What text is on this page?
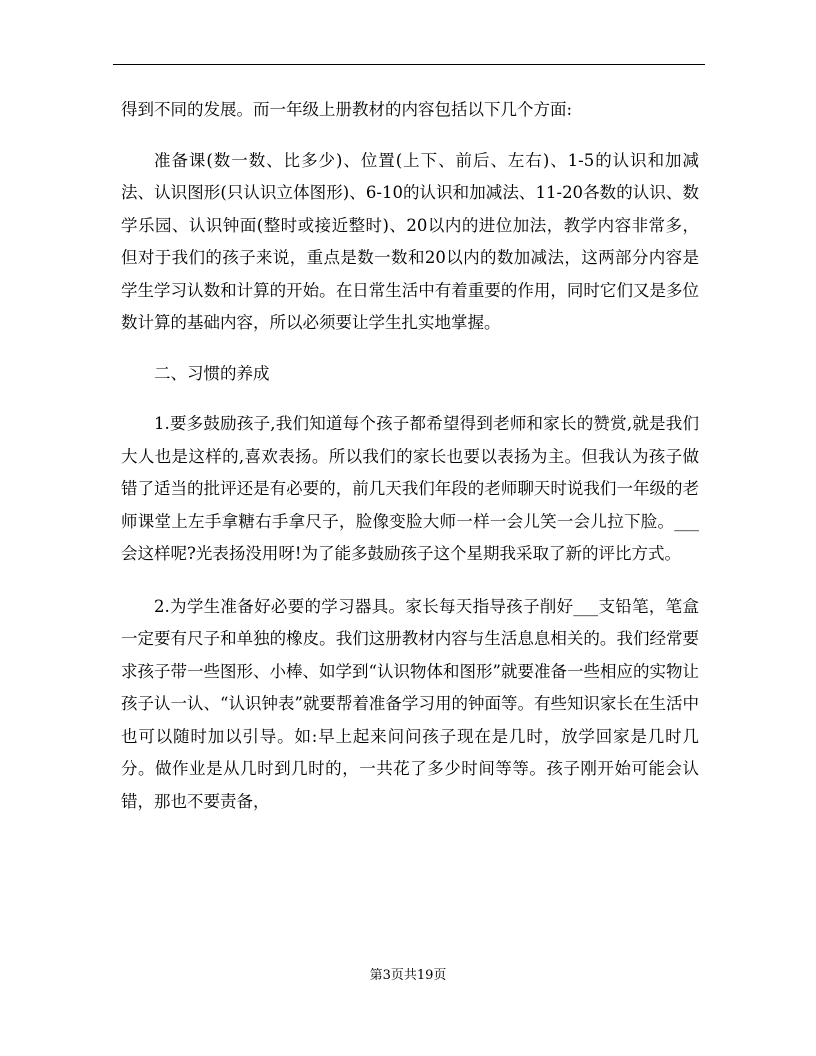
得到不同的发展。而一年级上册教材的内容包括以下几个方面:

准备课(数一数、比多少)、位置(上下、前后、左右)、1-5的认识和加减法、认识图形(只认识立体图形)、6-10的认识和加减法、11-20各数的认识、数学乐园、认识钟面(整时或接近整时)、20以内的进位加法，教学内容非常多，但对于我们的孩子来说，重点是数一数和20以内的数加减法，这两部分内容是学生学习认数和计算的开始。在日常生活中有着重要的作用，同时它们又是多位数计算的基础内容，所以必须要让学生扎实地掌握。

二、习惯的养成

1.要多鼓励孩子,我们知道每个孩子都希望得到老师和家长的赞赏,就是我们大人也是这样的,喜欢表扬。所以我们的家长也要以表扬为主。但我认为孩子做错了适当的批评还是有必要的，前几天我们年段的老师聊天时说我们一年级的老师课堂上左手拿糖右手拿尺子，脸像变脸大师一样一会儿笑一会儿拉下脸。___会这样呢?光表扬没用呀!为了能多鼓励孩子这个星期我采取了新的评比方式。

2.为学生准备好必要的学习器具。家长每天指导孩子削好___支铅笔，笔盒一定要有尺子和单独的橡皮。我们这册教材内容与生活息息相关的。我们经常要求孩子带一些图形、小棒、如学到“认识物体和图形”就要准备一些相应的实物让孩子认一认、“认识钟表”就要帮着准备学习用的钟面等。有些知识家长在生活中也可以随时加以引导。如:早上起来问问孩子现在是几时，放学回家是几时几分。做作业是从几时到几时的，一共花了多少时间等等。孩子刚开始可能会认错，那也不要责备，

第3页共19页
